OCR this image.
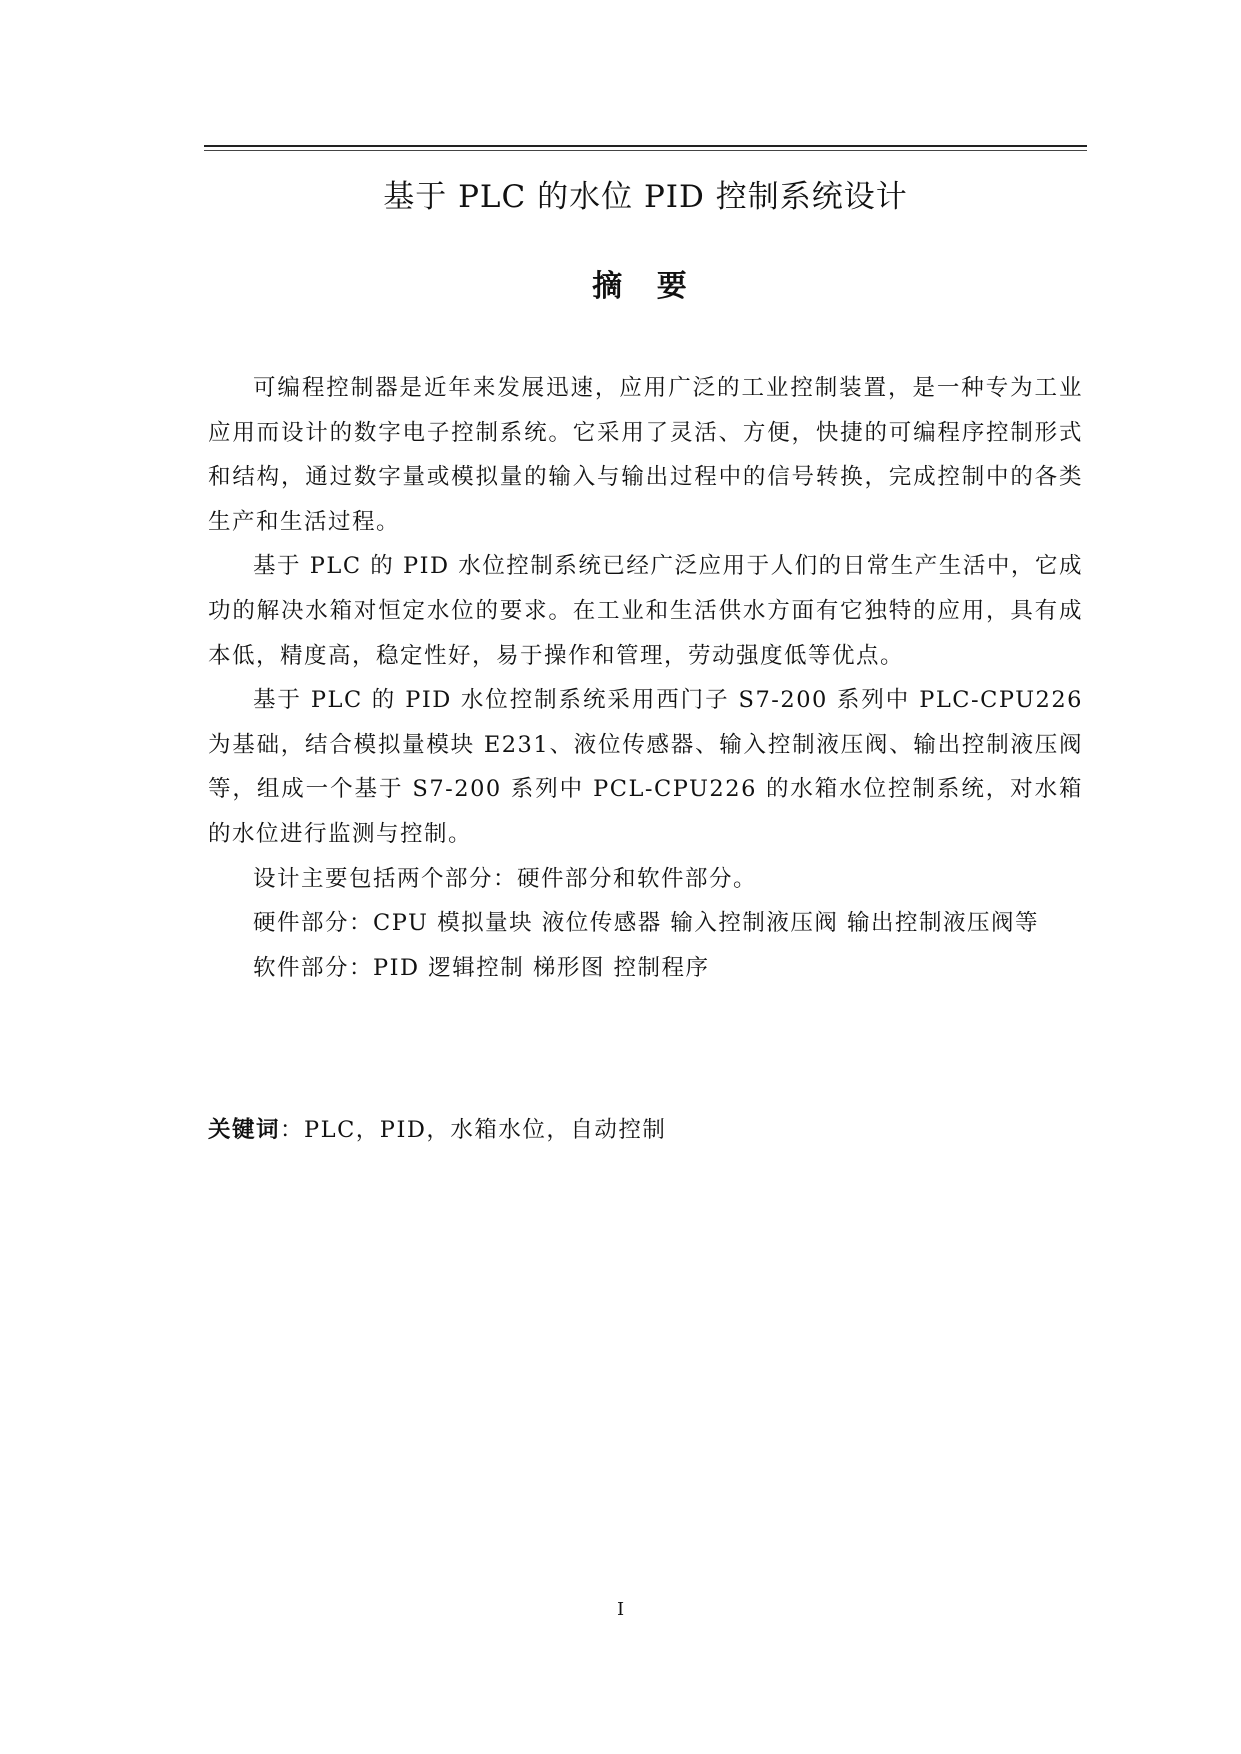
基于 PLC 的水位 PID 控制系统设计
摘 要

可编程控制器是近年来发展迅速，应用广泛的工业控制装置，是一种专为工业应用而设计的数字电子控制系统。它采用了灵活、方便，快捷的可编程序控制形式和结构，通过数字量或模拟量的输入与输出过程中的信号转换，完成控制中的各类生产和生活过程。

基于 PLC 的 PID 水位控制系统已经广泛应用于人们的日常生产生活中，它成功的解决水箱对恒定水位的要求。在工业和生活供水方面有它独特的应用，具有成本低，精度高，稳定性好，易于操作和管理，劳动强度低等优点。

基于 PLC 的 PID 水位控制系统采用西门子 S7-200 系列中 PLC-CPU226 为基础，结合模拟量模块 E231、液位传感器、输入控制液压阀、输出控制液压阀等，组成一个基于 S7-200 系列中 PCL-CPU226 的水箱水位控制系统，对水箱的水位进行监测与控制。

设计主要包括两个部分：硬件部分和软件部分。

硬件部分：CPU 模拟量块 液位传感器 输入控制液压阀 输出控制液压阀等

软件部分：PID 逻辑控制 梯形图 控制程序

关键词：PLC，PID，水箱水位，自动控制
I
